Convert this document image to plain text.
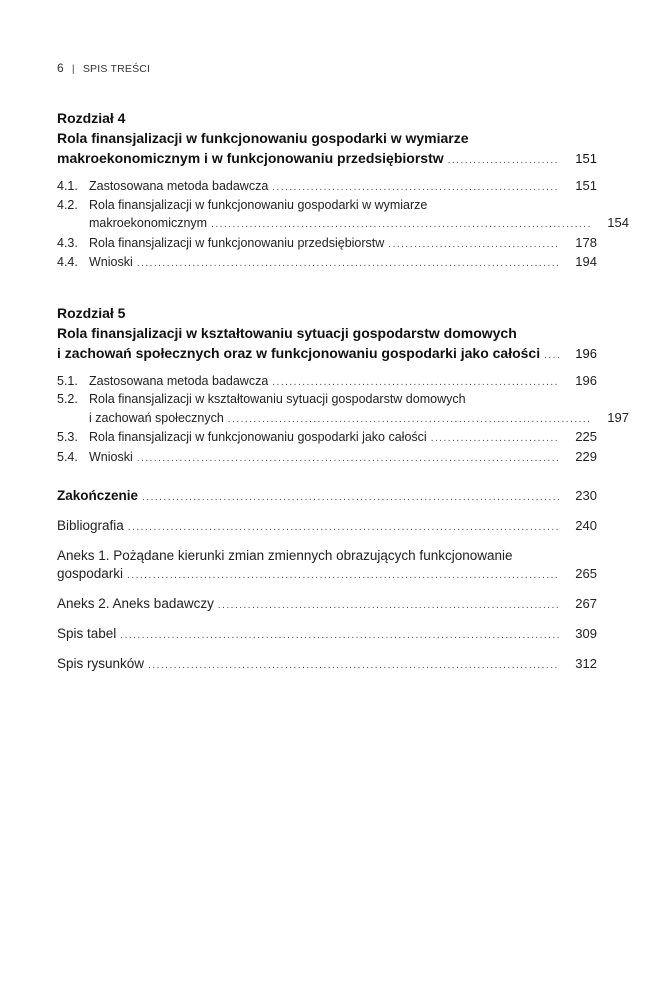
6 | SPIS TREŚCI
Rozdział 4
Rola finansjalizacji w funkcjonowaniu gospodarki w wymiarze
makroekonomicznym i w funkcjonowaniu przedsiębiorstw .....	151
4.1. Zastosowana metoda badawcza .....	151
4.2. Rola finansjalizacji w funkcjonowaniu gospodarki w wymiarze
makroekonomicznym .....	154
4.3. Rola finansjalizacji w funkcjonowaniu przedsiębiorstw .....	178
4.4. Wnioski .....	194
Rozdział 5
Rola finansjalizacji w kształtowaniu sytuacji gospodarstw domowych
i zachowań społecznych oraz w funkcjonowaniu gospodarki jako całości .....	196
5.1. Zastosowana metoda badawcza .....	196
5.2. Rola finansjalizacji w kształtowaniu sytuacji gospodarstw domowych
i zachowań społecznych .....	197
5.3. Rola finansjalizacji w funkcjonowaniu gospodarki jako całości .....	225
5.4. Wnioski .....	229
Zakończenie .....	230
Bibliografia .....	240
Aneks 1. Pożądane kierunki zmian zmiennych obrazujących funkcjonowanie
gospodarki .....	265
Aneks 2. Aneks badawczy .....	267
Spis tabel .....	309
Spis rysunków .....	312
